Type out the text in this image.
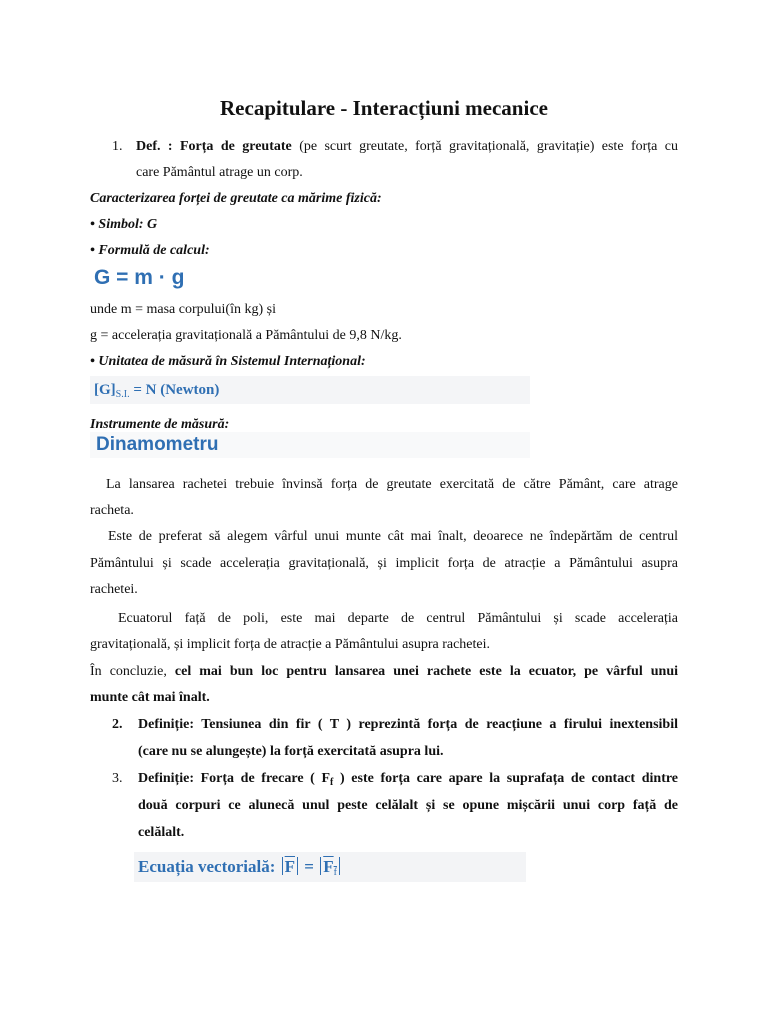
Recapitulare - Interacțiuni mecanice
1. Def. : Forța de greutate (pe scurt greutate, forță gravitațională, gravitație) este forța cu
care Pământul atrage un corp.
Caracterizarea forței de greutate ca mărime fizică:
• Simbol: G
• Formulă de calcul:
G = m · g
unde m = masa corpului(în kg) și
g = accelerația gravitațională a Pământului de 9,8 N/kg.
• Unitatea de măsură în Sistemul Internațional:
$[G]_{S.I.} = N$ (Newton)
Instrumente de măsură:
Dinamometru
La lansarea rachetei trebuie învinsă forța de greutate exercitată de către Pământ, care atrage
racheta.
Este de preferat să alegem vârful unui munte cât mai înalt, deoarece ne îndepărtăm de centrul
Pământului și scade accelerația gravitațională, și implicit forța de atracție a Pământului asupra
rachetei.
Ecuatorul față de poli, este mai departe de centrul Pământului și scade accelerația
gravitațională, și implicit forța de atracție a Pământului asupra rachetei.
În concluzie, cel mai bun loc pentru lansarea unei rachete este la ecuator, pe vârful unui
munte cât mai înalt.
2. Definiție: Tensiunea din fir ( T ) reprezintă forța de reacțiune a firului inextensibil
(care nu se alungește) la forță exercitată asupra lui.
3. Definiție: Forța de frecare ( $F_f$ ) este forța care apare la suprafața de contact dintre
două corpuri ce alunecă unul peste celălalt și se opune mișcării unui corp față de
celălalt.
Ecuația vectorială: $\overline{F} = F_f$
